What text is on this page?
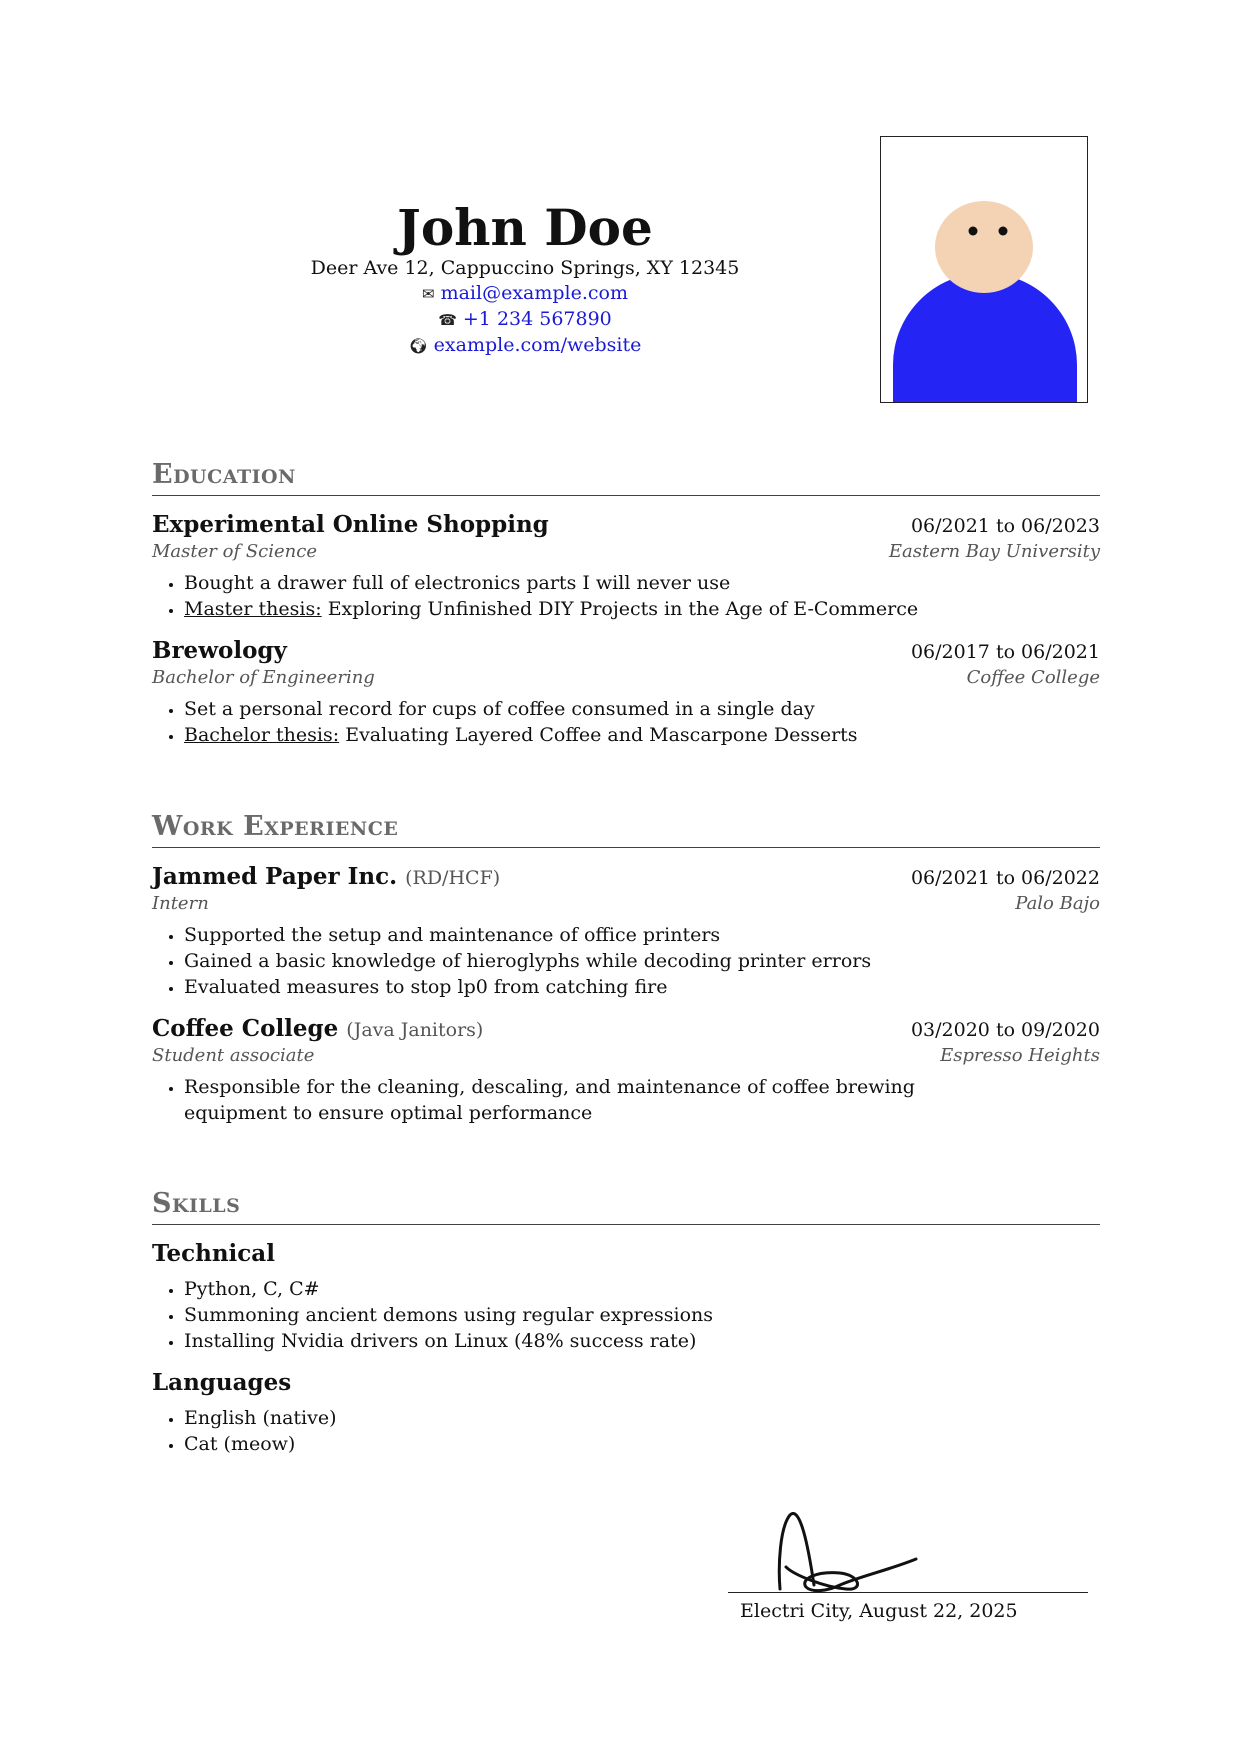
John Doe
Deer Ave 12, Cappuccino Springs, XY 12345
✉ mail@example.com
☎ +1 234 567890
🌍︎ example.com/website
Education
Experimental Online Shopping	06/2021 to 06/2023
Master of Science	Eastern Bay University
• Bought a drawer full of electronics parts I will never use
• Master thesis: Exploring Unfinished DIY Projects in the Age of E-Commerce
Brewology	06/2017 to 06/2021
Bachelor of Engineering	Coffee College
• Set a personal record for cups of coffee consumed in a single day
• Bachelor thesis: Evaluating Layered Coffee and Mascarpone Desserts
Work Experience
Jammed Paper Inc. (RD/HCF)	06/2021 to 06/2022
Intern	Palo Bajo
• Supported the setup and maintenance of office printers
• Gained a basic knowledge of hieroglyphs while decoding printer errors
• Evaluated measures to stop lp0 from catching fire
Coffee College (Java Janitors)	03/2020 to 09/2020
Student associate	Espresso Heights
• Responsible for the cleaning, descaling, and maintenance of coffee brewing equipment to ensure optimal performance
Skills
Technical
• Python, C, C#
• Summoning ancient demons using regular expressions
• Installing Nvidia drivers on Linux (48% success rate)
Languages
• English (native)
• Cat (meow)
Electri City, August 22, 2025
